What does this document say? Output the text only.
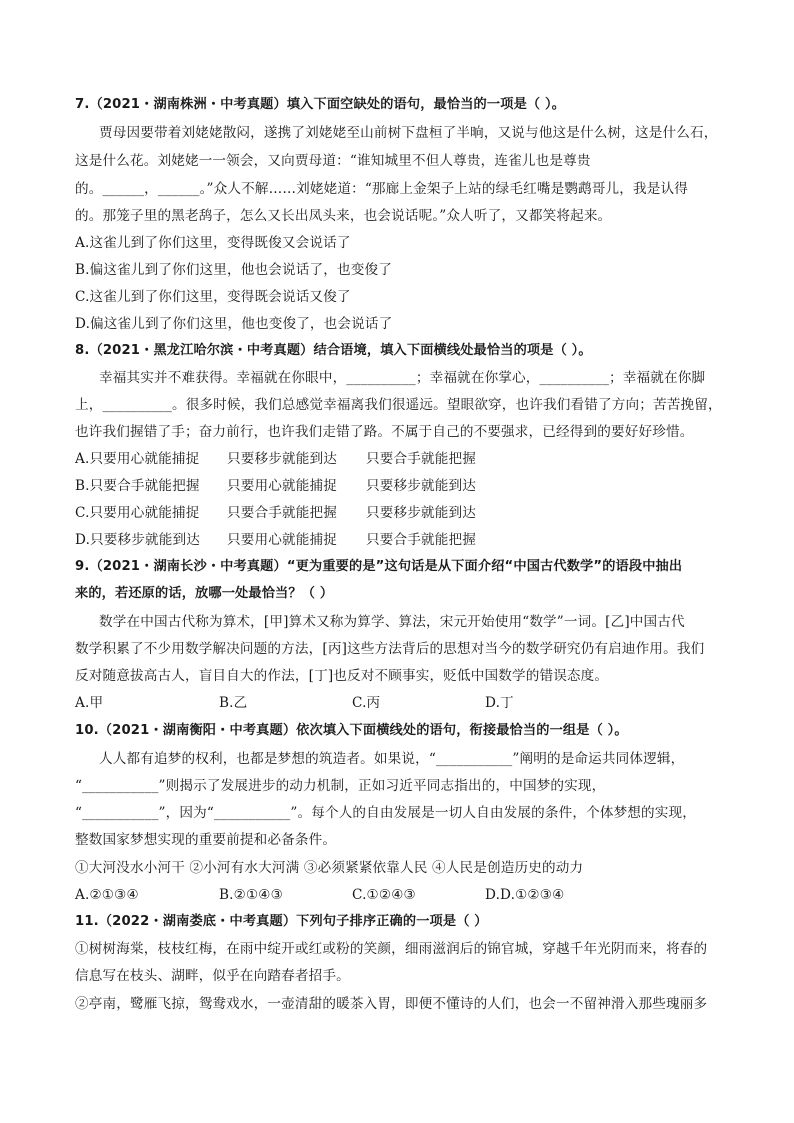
7.（2021・湖南株洲・中考真题）填入下面空缺处的语句，最恰当的一项是（ ）。
贾母因要带着刘姥姥散闷，遂携了刘姥姥至山前树下盘桓了半晌，又说与他这是什么树，这是什么石，
这是什么花。刘姥姥一一领会，又向贾母道：“谁知城里不但人尊贵，连雀儿也是尊贵
的。______，______。”众人不解……刘姥姥道：“那廊上金架子上站的绿毛红嘴是鹦鹉哥儿，我是认得
的。那笼子里的黑老鸹子，怎么又长出凤头来，也会说话呢。”众人听了，又都笑将起来。
A.这雀儿到了你们这里，变得既俊又会说话了
B.偏这雀儿到了你们这里，他也会说话了，也变俊了
C.这雀儿到了你们这里，变得既会说话又俊了
D.偏这雀儿到了你们这里，他也变俊了，也会说话了
8.（2021・黑龙江哈尔滨・中考真题）结合语境，填入下面横线处最恰当的项是（ ）。
幸福其实并不难获得。幸福就在你眼中，__________；幸福就在你掌心，__________；幸福就在你脚
上，__________。很多时候，我们总感觉幸福离我们很遥远。望眼欲穿，也许我们看错了方向；苦苦挽留，
也许我们握错了手；奋力前行，也许我们走错了路。不属于自己的不要强求，已经得到的要好好珍惜。
A.只要用心就能捕捉 只要移步就能到达 只要合手就能把握
B.只要合手就能把握 只要用心就能捕捉 只要移步就能到达
C.只要用心就能捕捉 只要合手就能把握 只要移步就能到达
D.只要移步就能到达 只要用心就能捕捉 只要合手就能把握
9.（2021・湖南长沙・中考真题）“更为重要的是”这句话是从下面介绍“中国古代数学”的语段中抽出
来的，若还原的话，放哪一处最恰当？（ ）
数学在中国古代称为算术，[甲]算术又称为算学、算法，宋元开始使用“数学”一词。[乙]中国古代
数学积累了不少用数学解决问题的方法，[丙]这些方法背后的思想对当今的数学研究仍有启迪作用。我们
反对随意拔高古人，盲目自大的作法，[丁]也反对不顾事实，贬低中国数学的错误态度。
A.甲	B.乙	C.丙	D.丁
10.（2021・湖南衡阳・中考真题）依次填入下面横线处的语句，衔接最恰当的一组是（ ）。
人人都有追梦的权利，也都是梦想的筑造者。如果说，“___________”阐明的是命运共同体逻辑，
“___________”则揭示了发展进步的动力机制，正如习近平同志指出的，中国梦的实现，
“___________”，因为“___________”。每个人的自由发展是一切人自由发展的条件，个体梦想的实现，
整数国家梦想实现的重要前提和必备条件。
①大河没水小河干 ②小河有水大河满 ③必须紧紧依靠人民 ④人民是创造历史的动力
A.②①③④	B.②①④③	C.①②④③	D.D.①②③④
11.（2022・湖南娄底・中考真题）下列句子排序正确的一项是（ ）
①树树海棠，枝枝红梅，在雨中绽开或红或粉的笑颜，细雨滋润后的锦官城，穿越千年光阴而来，将春的
信息写在枝头、湖畔，似乎在向踏春者招手。
②亭南，鹭雁飞掠，鸳鸯戏水，一壶清甜的暖茶入胃，即便不懂诗的人们，也会一不留神滑入那些瑰丽多
